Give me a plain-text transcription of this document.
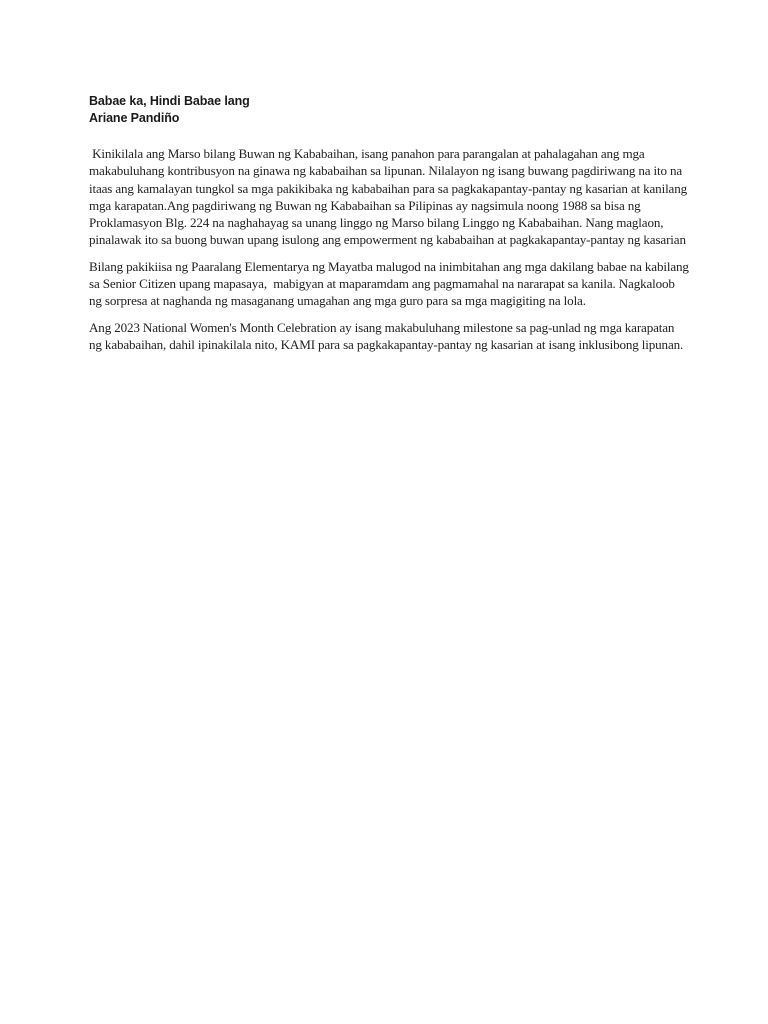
Babae ka, Hindi Babae lang

Ariane Pandiño

Kinikilala ang Marso bilang Buwan ng Kababaihan, isang panahon para parangalan at pahalagahan ang mga makabuluhang kontribusyon na ginawa ng kababaihan sa lipunan. Nilalayon ng isang buwang pagdiriwang na ito na itaas ang kamalayan tungkol sa mga pakikibaka ng kababaihan para sa pagkakapantay-pantay ng kasarian at kanilang mga karapatan.Ang pagdiriwang ng Buwan ng Kababaihan sa Pilipinas ay nagsimula noong 1988 sa bisa ng Proklamasyon Blg. 224 na naghahayag sa unang linggo ng Marso bilang Linggo ng Kababaihan. Nang maglaon, pinalawak ito sa buong buwan upang isulong ang empowerment ng kababaihan at pagkakapantay-pantay ng kasarian

Bilang pakikiisa ng Paaralang Elementarya ng Mayatba malugod na inimbitahan ang mga dakilang babae na kabilang sa Senior Citizen upang mapasaya,  mabigyan at maparamdam ang pagmamahal na nararapat sa kanila. Nagkaloob ng sorpresa at naghanda ng masaganang umagahan ang mga guro para sa mga magigiting na lola.

Ang 2023 National Women's Month Celebration ay isang makabuluhang milestone sa pag-unlad ng mga karapatan ng kababaihan, dahil ipinakilala nito, KAMI para sa pagkakapantay-pantay ng kasarian at isang inklusibong lipunan.
